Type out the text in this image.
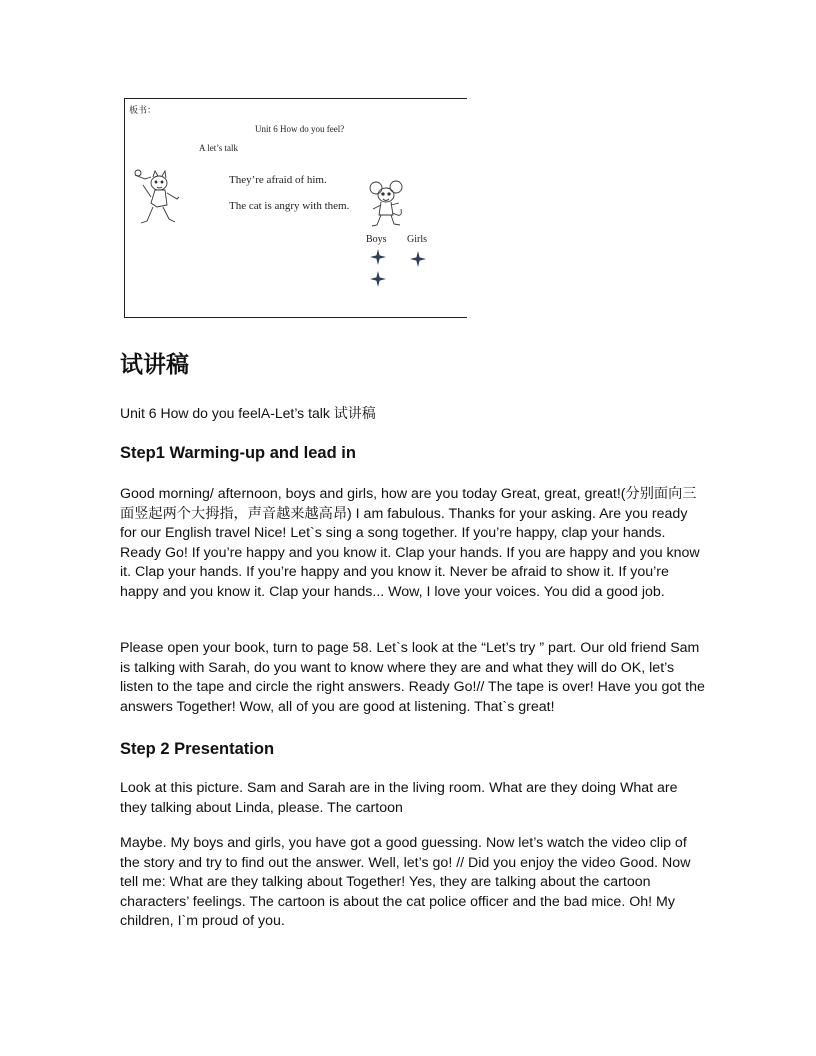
板书：
Unit 6 How do you feel?
A let’s talk
They’re afraid of him.
The cat is angry with them.
Boys Girls
试讲稿
Unit 6 How do you feelA-Let’s talk 试讲稿
Step1 Warming-up and lead in
Good morning/ afternoon, boys and girls, how are you today Great, great, great!(分别面向三面竖起两个大拇指，声音越来越高昂) I am fabulous. Thanks for your asking. Are you ready for our English travel Nice! Let`s sing a song together. If you’re happy, clap your hands. Ready Go! If you’re happy and you know it. Clap your hands. If you are happy and you know it. Clap your hands. If you’re happy and you know it. Never be afraid to show it. If you’re happy and you know it. Clap your hands... Wow, I love your voices. You did a good job.
Please open your book, turn to page 58. Let`s look at the “Let’s try ” part. Our old friend Sam is talking with Sarah, do you want to know where they are and what they will do OK, let’s listen to the tape and circle the right answers. Ready Go!// The tape is over! Have you got the answers Together! Wow, all of you are good at listening. That`s great!
Step 2 Presentation
Look at this picture. Sam and Sarah are in the living room. What are they doing What are they talking about Linda, please. The cartoon
Maybe. My boys and girls, you have got a good guessing. Now let’s watch the video clip of the story and try to find out the answer. Well, let’s go! // Did you enjoy the video Good. Now tell me: What are they talking about Together! Yes, they are talking about the cartoon characters’ feelings. The cartoon is about the cat police officer and the bad mice. Oh! My children, I`m proud of you.
